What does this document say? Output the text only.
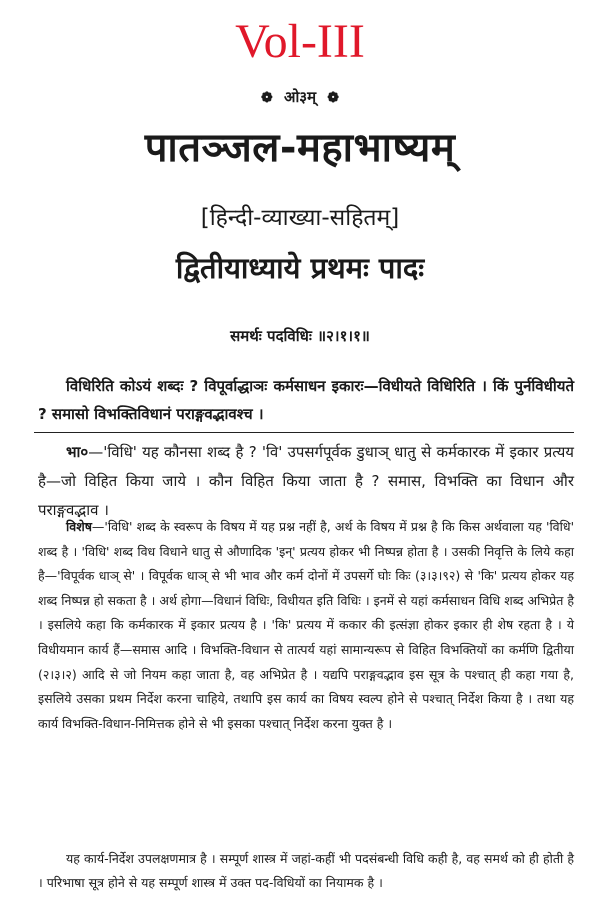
Vol-III
❁ ओ३म् ❁
पातञ्जल-महाभाष्यम्
[हिन्दी-व्याख्या-सहितम्]
द्वितीयाध्याये प्रथमः पादः
समर्थः पदविधिः ॥२।१।१॥
विधिरिति कोऽयं शब्दः ? विपूर्वाद्धाञः कर्मसाधन इकारः—विधीयते विधिरिति । किं पुर्नविधीयते ? समासो विभक्तिविधानं पराङ्गवद्भावश्च ।
भा०—'विधि' यह कौनसा शब्द है ? 'वि' उपसर्गपूर्वक डुधाञ् धातु से कर्मकारक में इकार प्रत्यय है—जो विहित किया जाये । कौन विहित किया जाता है ? समास, विभक्ति का विधान और पराङ्गवद्भाव ।
विशेष—'विधि' शब्द के स्वरूप के विषय में यह प्रश्न नहीं है, अर्थ के विषय में प्रश्न है कि किस अर्थवाला यह 'विधि' शब्द है । 'विधि' शब्द विध विधाने धातु से औणादिक 'इन्' प्रत्यय होकर भी निष्पन्न होता है । उसकी निवृत्ति के लिये कहा है—'विपूर्वक धाञ् से' । विपूर्वक धाञ् से भी भाव और कर्म दोनों में उपसर्गे घोः किः (३।३।९२) से 'कि' प्रत्यय होकर यह शब्द निष्पन्न हो सकता है । अर्थ होगा—विधानं विधिः, विधीयत इति विधिः । इनमें से यहां कर्मसाधन विधि शब्द अभिप्रेत है । इसलिये कहा कि कर्मकारक में इकार प्रत्यय है । 'कि' प्रत्यय में ककार की इत्संज्ञा होकर इकार ही शेष रहता है । ये विधीयमान कार्य हैं—समास आदि । विभक्ति-विधान से तात्पर्य यहां सामान्यरूप से विहित विभक्तियों का कर्मणि द्वितीया (२।३।२) आदि से जो नियम कहा जाता है, वह अभिप्रेत है । यद्यपि पराङ्गवद्भाव इस सूत्र के पश्चात् ही कहा गया है, इसलिये उसका प्रथम निर्देश करना चाहिये, तथापि इस कार्य का विषय स्वल्प होने से पश्चात् निर्देश किया है । तथा यह कार्य विभक्ति-विधान-निमित्तक होने से भी इसका पश्चात् निर्देश करना युक्त है ।
यह कार्य-निर्देश उपलक्षणमात्र है । सम्पूर्ण शास्त्र में जहां-कहीं भी पदसंबन्धी विधि कही है, वह समर्थ को ही होती है । परिभाषा सूत्र होने से यह सम्पूर्ण शास्त्र में उक्त पद-विधियों का नियामक है ।
